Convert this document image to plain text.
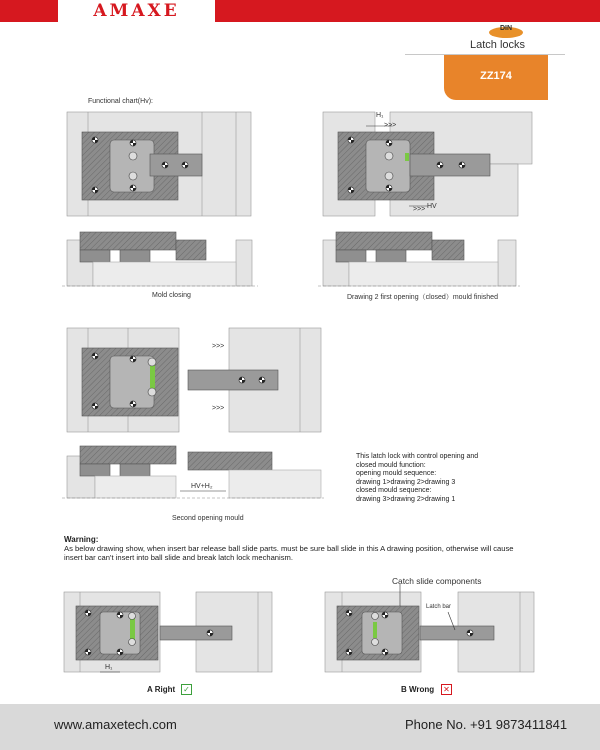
AMAXE
DIN
Latch locks
ZZ174
Functional chart(Hv):
H₁
>>>
>>> HV
>>>
>>>
HV+H₂
H₁
Mold closing	Drawing 2 first opening（closed）mould finished
Second opening mould
This latch lock with control opening and
closed mould function:
opening mould sequence:
drawing 1>drawing 2>drawing 3
closed mould sequence:
drawing 3>drawing 2>drawing 1
Warning:
As below drawing show, when insert bar release ball slide parts. must be sure ball slide in this A drawing position, otherwise will cause insert bar can't insert into ball slide and break latch lock mechanism.
Catch slide components
Latch bar
A Right ✓	B Wrong ✕
www.amaxetech.com	Phone No. +91 9873411841
